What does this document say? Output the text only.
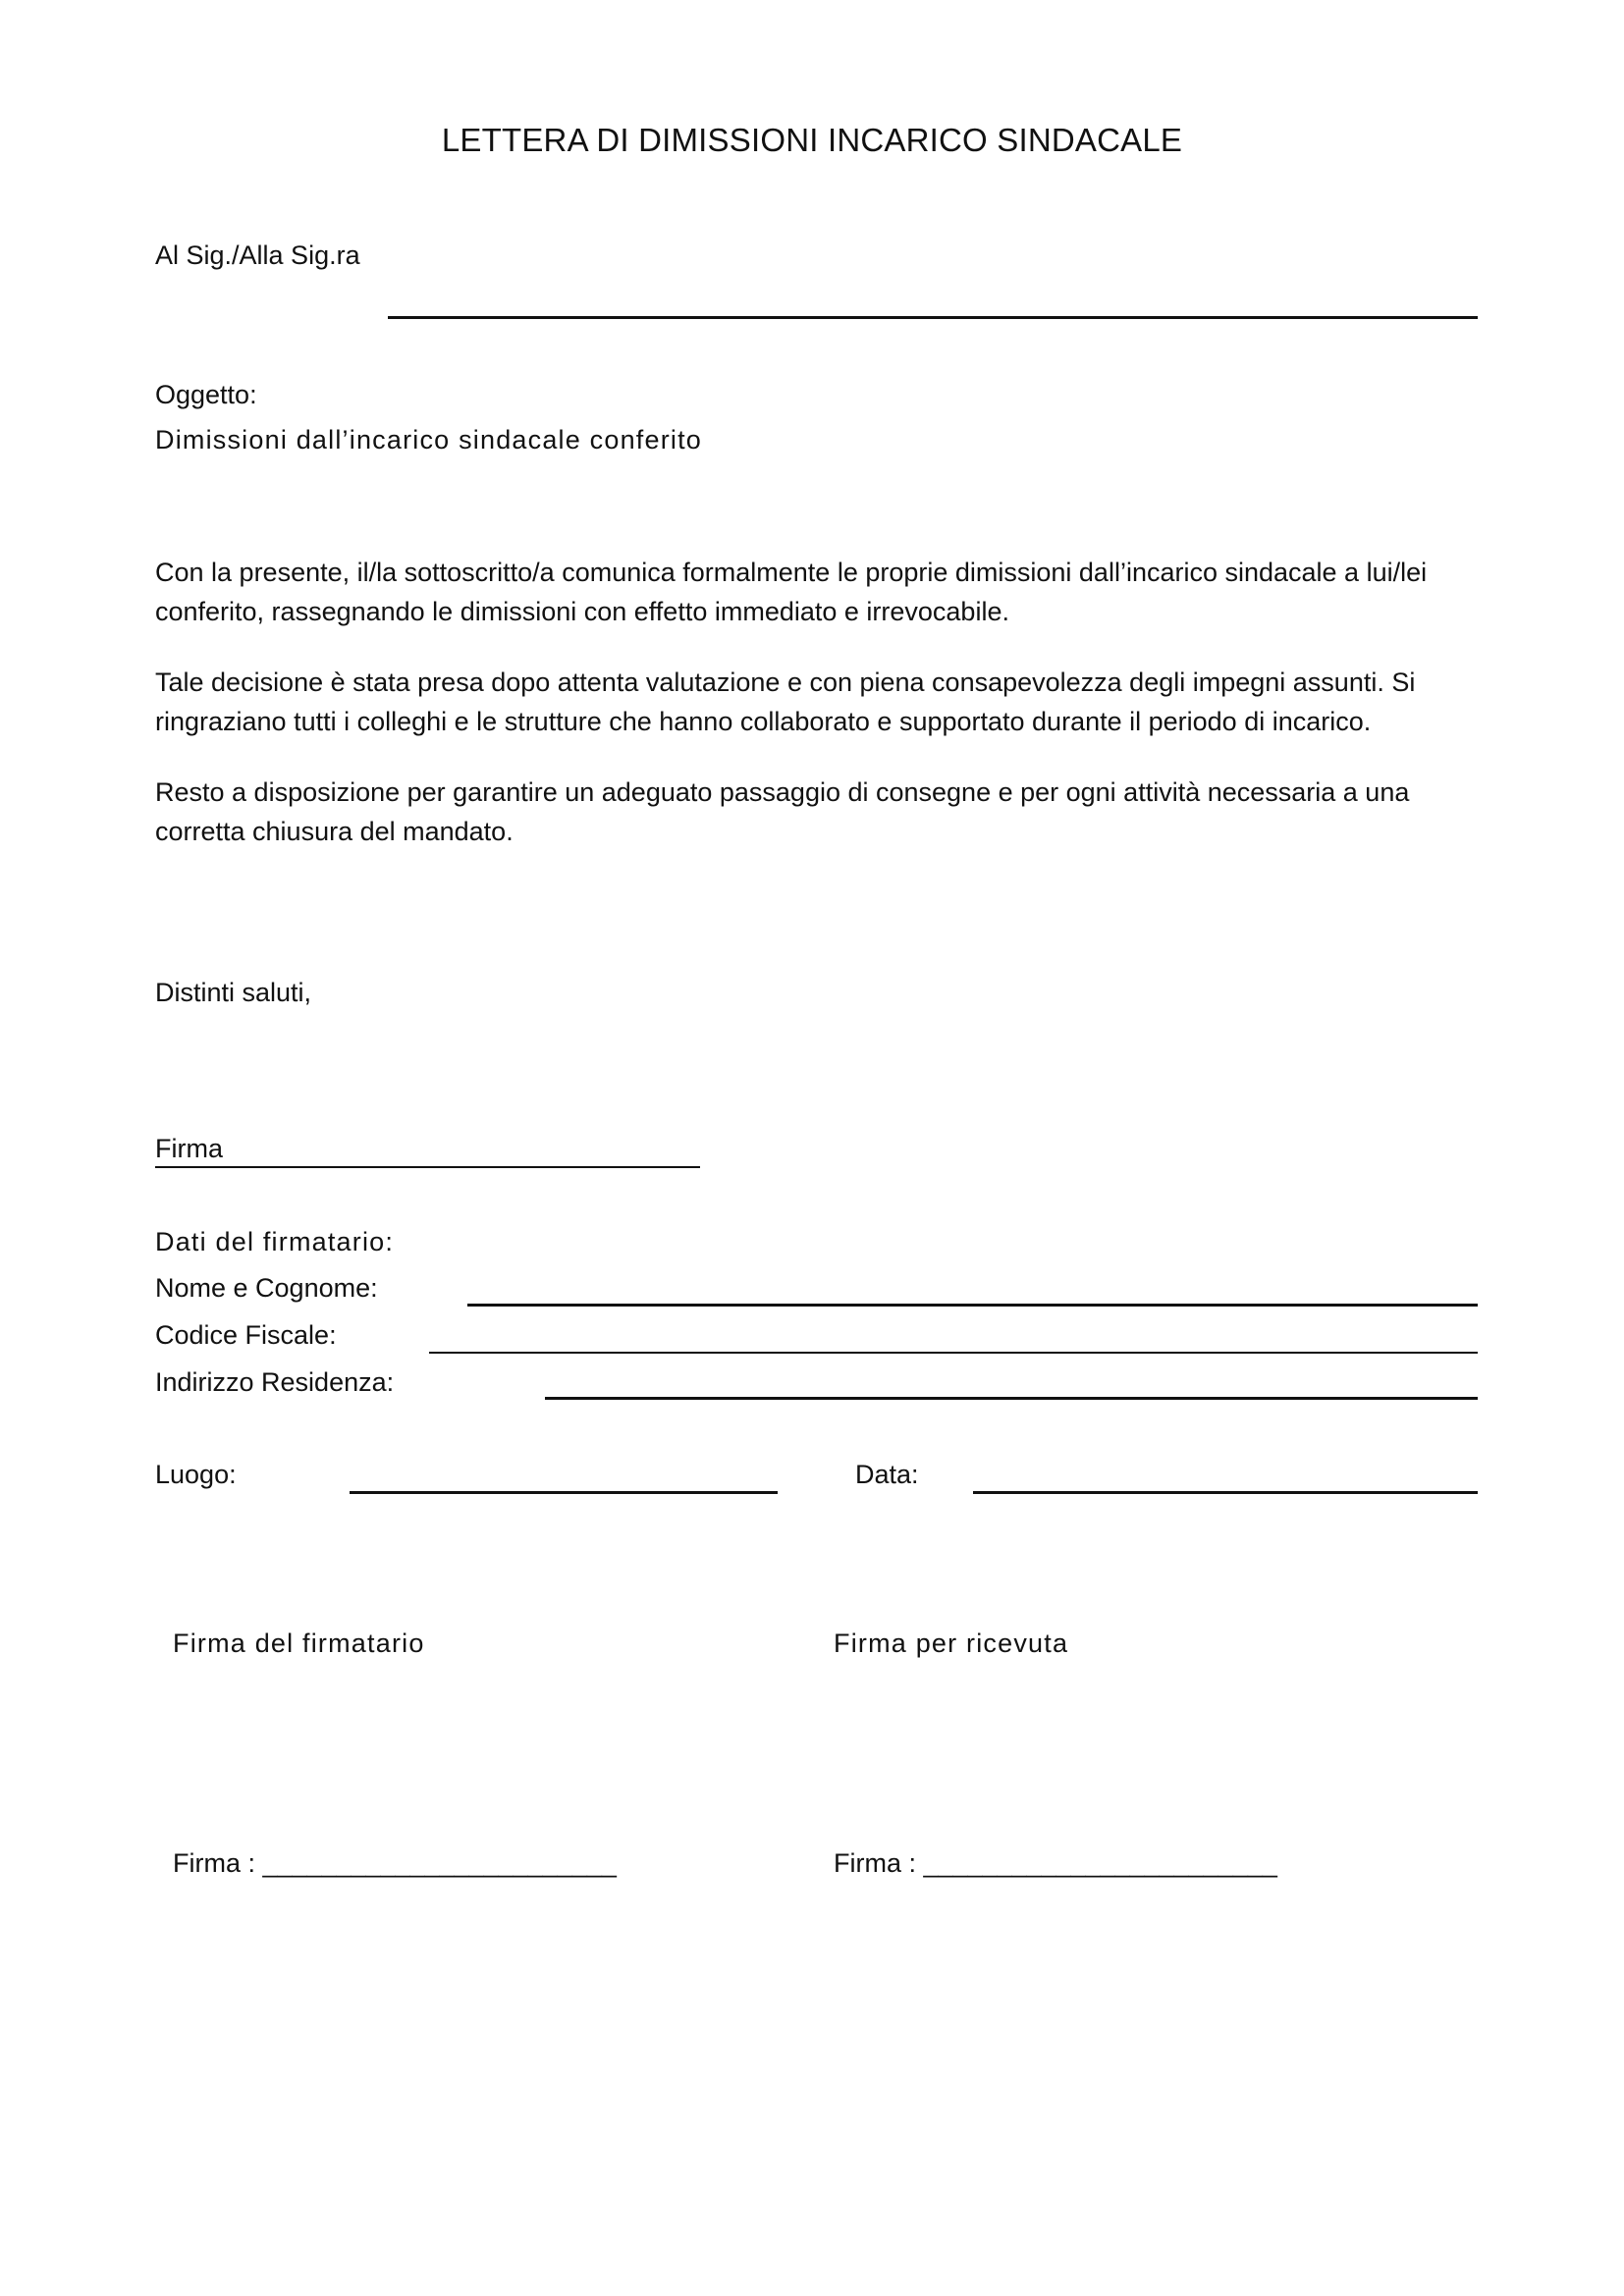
LETTERA DI DIMISSIONI INCARICO SINDACALE
Al Sig./Alla Sig.ra
Oggetto:
Dimissioni dall’incarico sindacale conferito
Con la presente, il/la sottoscritto/a comunica formalmente le proprie dimissioni dall’incarico sindacale a lui/lei conferito, rassegnando le dimissioni con effetto immediato e irrevocabile.
Tale decisione è stata presa dopo attenta valutazione e con piena consapevolezza degli impegni assunti. Si ringraziano tutti i colleghi e le strutture che hanno collaborato e supportato durante il periodo di incarico.
Resto a disposizione per garantire un adeguato passaggio di consegne e per ogni attività necessaria a una corretta chiusura del mandato.
Distinti saluti,
Firma
Dati del firmatario:
Nome e Cognome:
Codice Fiscale:
Indirizzo Residenza:
Luogo:	Data:
Firma del firmatario	Firma per ricevuta
Firma : ________________________	Firma : ________________________
